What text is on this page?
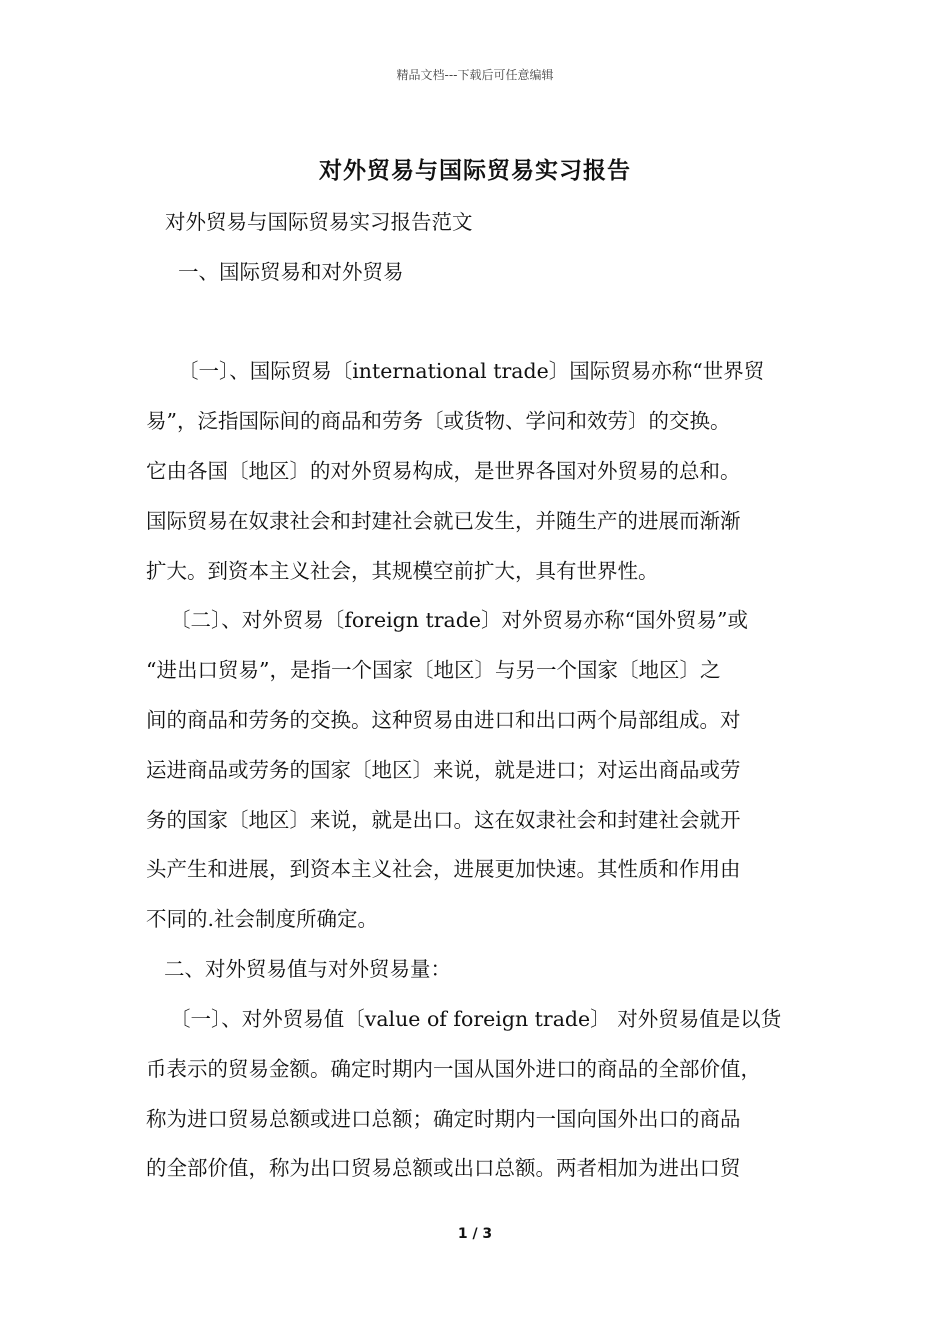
精品文档---下载后可任意编辑
对外贸易与国际贸易实习报告
对外贸易与国际贸易实习报告范文
一、国际贸易和对外贸易
〔一〕、国际贸易〔international trade〕国际贸易亦称“世界贸
易”，泛指国际间的商品和劳务〔或货物、学问和效劳〕的交换。
它由各国〔地区〕的对外贸易构成，是世界各国对外贸易的总和。
国际贸易在奴隶社会和封建社会就已发生，并随生产的进展而渐渐
扩大。到资本主义社会，其规模空前扩大，具有世界性。
〔二〕、对外贸易〔foreign trade〕对外贸易亦称“国外贸易”或
“进出口贸易”，是指一个国家〔地区〕与另一个国家〔地区〕之
间的商品和劳务的交换。这种贸易由进口和出口两个局部组成。对
运进商品或劳务的国家〔地区〕来说，就是进口；对运出商品或劳
务的国家〔地区〕来说，就是出口。这在奴隶社会和封建社会就开
头产生和进展，到资本主义社会，进展更加快速。其性质和作用由
不同的.社会制度所确定。
二、对外贸易值与对外贸易量：
〔一〕、对外贸易值〔value of foreign trade〕 对外贸易值是以货
币表示的贸易金额。确定时期内一国从国外进口的商品的全部价值，
称为进口贸易总额或进口总额；确定时期内一国向国外出口的商品
的全部价值，称为出口贸易总额或出口总额。两者相加为进出口贸
1 / 3
